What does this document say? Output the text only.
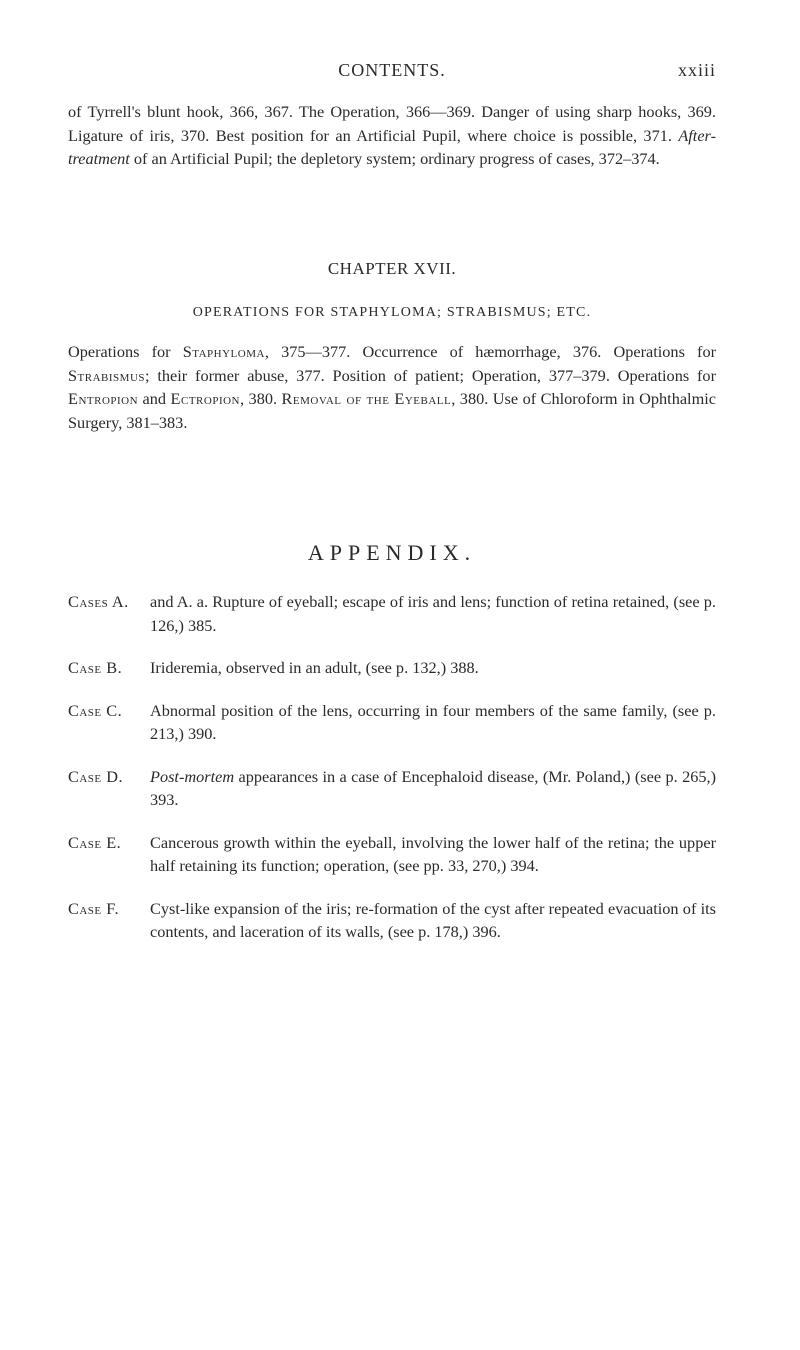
CONTENTS.	xxiii

of Tyrrell's blunt hook, 366, 367. The Operation, 366—369. Danger of using sharp hooks, 369. Ligature of iris, 370. Best position for an Artificial Pupil, where choice is possible, 371. After-treatment of an Artificial Pupil; the depletory system; ordinary progress of cases, 372–374.

CHAPTER XVII.
OPERATIONS FOR STAPHYLOMA; STRABISMUS; ETC.

Operations for Staphyloma, 375—377. Occurrence of hæmorrhage, 376. Operations for Strabismus; their former abuse, 377. Position of patient; Operation, 377–379. Operations for Entropion and Ectropion, 380. Removal of the Eyeball, 380. Use of Chloroform in Ophthalmic Surgery, 381–383.

APPENDIX.
Cases A.	and A. a. Rupture of eyeball; escape of iris and lens; function of retina retained, (see p. 126,) 385.
Case B.	Irideremia, observed in an adult, (see p. 132,) 388.
Case C.	Abnormal position of the lens, occurring in four members of the same family, (see p. 213,) 390.
Case D.	Post-mortem appearances in a case of Encephaloid disease, (Mr. Poland,) (see p. 265,) 393.
Case E.	Cancerous growth within the eyeball, involving the lower half of the retina; the upper half retaining its function; operation, (see pp. 33, 270,) 394.
Case F.	Cyst-like expansion of the iris; re-formation of the cyst after repeated evacuation of its contents, and laceration of its walls, (see p. 178,) 396.
